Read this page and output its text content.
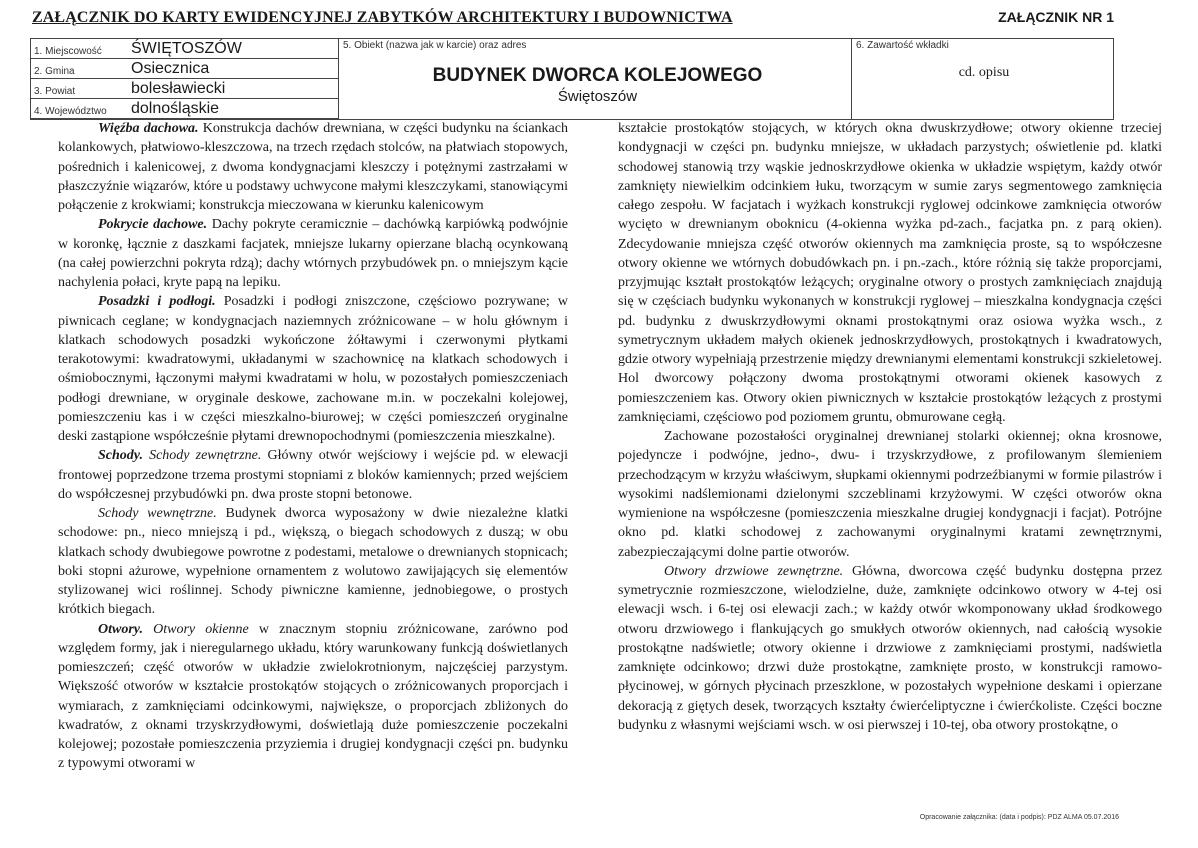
ZAŁĄCZNIK DO KARTY EWIDENCYJNEJ ZABYTKÓW ARCHITEKTURY I BUDOWNICTWA	ZAŁĄCZNIK NR 1
1. Miejscowość ŚWIĘTOSZÓW
2. Gmina	Osiecznica
3. Powiat	bolesławiecki
4. Województwo dolnośląskie
5. Obiekt (nazwa jak w karcie) oraz adres
BUDYNEK DWORCA KOLEJOWEGO
Świętoszów
6. Zawartość wkładki
cd. opisu

Więźba dachowa. Konstrukcja dachów drewniana, w części budynku na ściankach kolankowych, płatwiowo-kleszczowa, na trzech rzędach stolców, na płatwiach stopowych, pośrednich i kalenicowej, z dwoma kondygnacjami kleszczy i potężnymi zastrzałami w płaszczyźnie wiązarów, które u podstawy uchwycone małymi kleszczykami, stanowiącymi połączenie z krokwiami; konstrukcja mieczowana w kierunku kalenicowym

Pokrycie dachowe. Dachy pokryte ceramicznie – dachówką karpiówką podwójnie w koronkę, łącznie z daszkami facjatek, mniejsze lukarny opierzane blachą ocynkowaną (na całej powierzchni pokryta rdzą); dachy wtórnych przybudówek pn. o mniejszym kącie nachylenia połaci, kryte papą na lepiku.

Posadzki i podłogi. Posadzki i podłogi zniszczone, częściowo pozrywane; w piwnicach ceglane; w kondygnacjach naziemnych zróżnicowane – w holu głównym i klatkach schodowych posadzki wykończone żółtawymi i czerwonymi płytkami terakotowymi: kwadratowymi, układanymi w szachownicę na klatkach schodowych i ośmiobocznymi, łączonymi małymi kwadratami w holu, w pozostałych pomieszczeniach podłogi drewniane, w oryginale deskowe, zachowane m.in. w poczekalni kolejowej, pomieszczeniu kas i w części mieszkalno-biurowej; w części pomieszczeń oryginalne deski zastąpione współcześnie płytami drewnopochodnymi (pomieszczenia mieszkalne).

Schody. Schody zewnętrzne. Główny otwór wejściowy i wejście pd. w elewacji frontowej poprzedzone trzema prostymi stopniami z bloków kamiennych; przed wejściem do współczesnej przybudówki pn. dwa proste stopni betonowe.

Schody wewnętrzne. Budynek dworca wyposażony w dwie niezależne klatki schodowe: pn., nieco mniejszą i pd., większą, o biegach schodowych z duszą; w obu klatkach schody dwubiegowe powrotne z podestami, metalowe o drewnianych stopnicach; boki stopni ażurowe, wypełnione ornamentem z wolutowo zawijających się elementów stylizowanej wici roślinnej. Schody piwniczne kamienne, jednobiegowe, o prostych krótkich biegach.

Otwory. Otwory okienne w znacznym stopniu zróżnicowane, zarówno pod względem formy, jak i nieregularnego układu, który warunkowany funkcją doświetlanych pomieszczeń; część otworów w układzie zwielokrotnionym, najczęściej parzystym. Większość otworów w kształcie prostokątów stojących o zróżnicowanych proporcjach i wymiarach, z zamknięciami odcinkowymi, największe, o proporcjach zbliżonych do kwadratów, z oknami trzyskrzydłowymi, doświetlają duże pomieszczenie poczekalni kolejowej; pozostałe pomieszczenia przyziemia i drugiej kondygnacji części pn. budynku z typowymi otworami w

kształcie prostokątów stojących, w których okna dwuskrzydłowe; otwory okienne trzeciej kondygnacji w części pn. budynku mniejsze, w układach parzystych; oświetlenie pd. klatki schodowej stanowią trzy wąskie jednoskrzydłowe okienka w układzie wspiętym, każdy otwór zamknięty niewielkim odcinkiem łuku, tworzącym w sumie zarys segmentowego zamknięcia całego zespołu. W facjatach i wyżkach konstrukcji ryglowej odcinkowe zamknięcia otworów wycięto w drewnianym oboknicu (4-okienna wyżka pd-zach., facjatka pn. z parą okien). Zdecydowanie mniejsza część otworów okiennych ma zamknięcia proste, są to współczesne otwory okienne we wtórnych dobudówkach pn. i pn.-zach., które różnią się także proporcjami, przyjmując kształt prostokątów leżących; oryginalne otwory o prostych zamknięciach znajdują się w częściach budynku wykonanych w konstrukcji ryglowej – mieszkalna kondygnacja części pd. budynku z dwuskrzydłowymi oknami prostokątnymi oraz osiowa wyżka wsch., z symetrycznym układem małych okienek jednoskrzydłowych, prostokątnych i kwadratowych, gdzie otwory wypełniają przestrzenie między drewnianymi elementami konstrukcji szkieletowej. Hol dworcowy połączony dwoma prostokątnymi otworami okienek kasowych z pomieszczeniem kas. Otwory okien piwnicznych w kształcie prostokątów leżących z prostymi zamknięciami, częściowo pod poziomem gruntu, obmurowane cegłą.

Zachowane pozostałości oryginalnej drewnianej stolarki okiennej; okna krosnowe, pojedyncze i podwójne, jedno-, dwu- i trzyskrzydłowe, z profilowanym ślemieniem przechodzącym w krzyżu właściwym, słupkami okiennymi podrzeźbianymi w formie pilastrów i wysokimi nadślemionami dzielonymi szczeblinami krzyżowymi. W części otworów okna wymienione na współczesne (pomieszczenia mieszkalne drugiej kondygnacji i facjat). Potrójne okno pd. klatki schodowej z zachowanymi oryginalnymi kratami zewnętrznymi, zabezpieczającymi dolne partie otworów.

Otwory drzwiowe zewnętrzne. Główna, dworcowa część budynku dostępna przez symetrycznie rozmieszczone, wielodzielne, duże, zamknięte odcinkowo otwory w 4-tej osi elewacji wsch. i 6-tej osi elewacji zach.; w każdy otwór wkomponowany układ środkowego otworu drzwiowego i flankujących go smukłych otworów okiennych, nad całością wysokie prostokątne nadświetle; otwory okienne i drzwiowe z zamknięciami prostymi, nadświetla zamknięte odcinkowo; drzwi duże prostokątne, zamknięte prosto, w konstrukcji ramowo-płycinowej, w górnych płycinach przeszklone, w pozostałych wypełnione deskami i opierzane dekoracją z giętych desek, tworzących kształty ćwierćeliptyczne i ćwierćkoliste. Części boczne budynku z własnymi wejściami wsch. w osi pierwszej i 10-tej, oba otwory prostokątne, o

Opracowanie załącznika: (data i podpis): PDZ ALMA 05.07.2016
